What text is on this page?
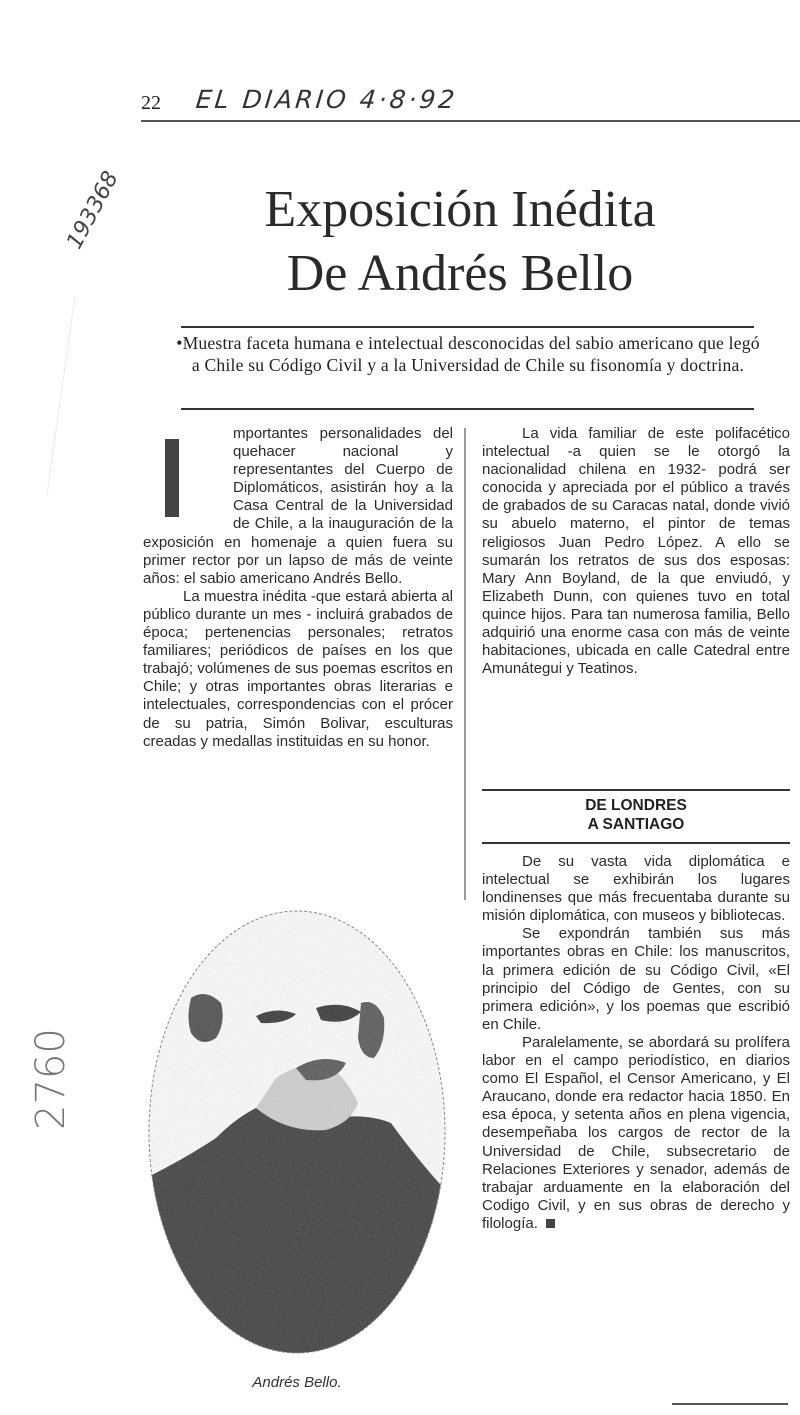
22 EL DIARIO 4·8·92
193368
2760
Exposición Inédita
De Andrés Bello
•Muestra faceta humana e intelectual desconocidas del sabio americano que legó a Chile su Código Civil y a la Universidad de Chile su fisonomía y doctrina.

mportantes personalidades del quehacer nacional y representantes del Cuerpo de Diplomáticos, asistirán hoy a la Casa Central de la Universidad de Chile, a la inauguración de la exposición en homenaje a quien fuera su primer rector por un lapso de más de veinte años: el sabio americano Andrés Bello.

La muestra inédita -que estará abierta al público durante un mes - incluirá grabados de época; pertenencias personales; retratos familiares; periódicos de países en los que trabajó; volúmenes de sus poemas escritos en Chile; y otras importantes obras literarias e intelectuales, correspondencias con el prócer de su patria, Simón Bolivar, esculturas creadas y medallas instituidas en su honor.

La vida familiar de este polifacético intelectual -a quien se le otorgó la nacionalidad chilena en 1932- podrá ser conocida y apreciada por el público a través de grabados de su Caracas natal, donde vivió su abuelo materno, el pintor de temas religiosos Juan Pedro López. A ello se sumarán los retratos de sus dos esposas: Mary Ann Boyland, de la que enviudó, y Elizabeth Dunn, con quienes tuvo en total quince hijos. Para tan numerosa familia, Bello adquirió una enorme casa con más de veinte habitaciones, ubicada en calle Catedral entre Amunátegui y Teatinos.

DE LONDRES
A SANTIAGO

De su vasta vida diplomática e intelectual se exhibirán los lugares londinenses que más frecuentaba durante su misión diplomática, con museos y bibliotecas.

Se expondrán también sus más importantes obras en Chile: los manuscritos, la primera edición de su Código Civil, «El principio del Código de Gentes, con su primera edición», y los poemas que escribió en Chile.

Paralelamente, se abordará su prolífera labor en el campo periodístico, en diarios como El Español, el Censor Americano, y El Araucano, donde era redactor hacia 1850. En esa época, y setenta años en plena vigencia, desempeñaba los cargos de rector de la Universidad de Chile, subsecretario de Relaciones Exteriores y senador, además de trabajar arduamente en la elaboración del Codigo Civil, y en sus obras de derecho y filología.

Andrés Bello.
